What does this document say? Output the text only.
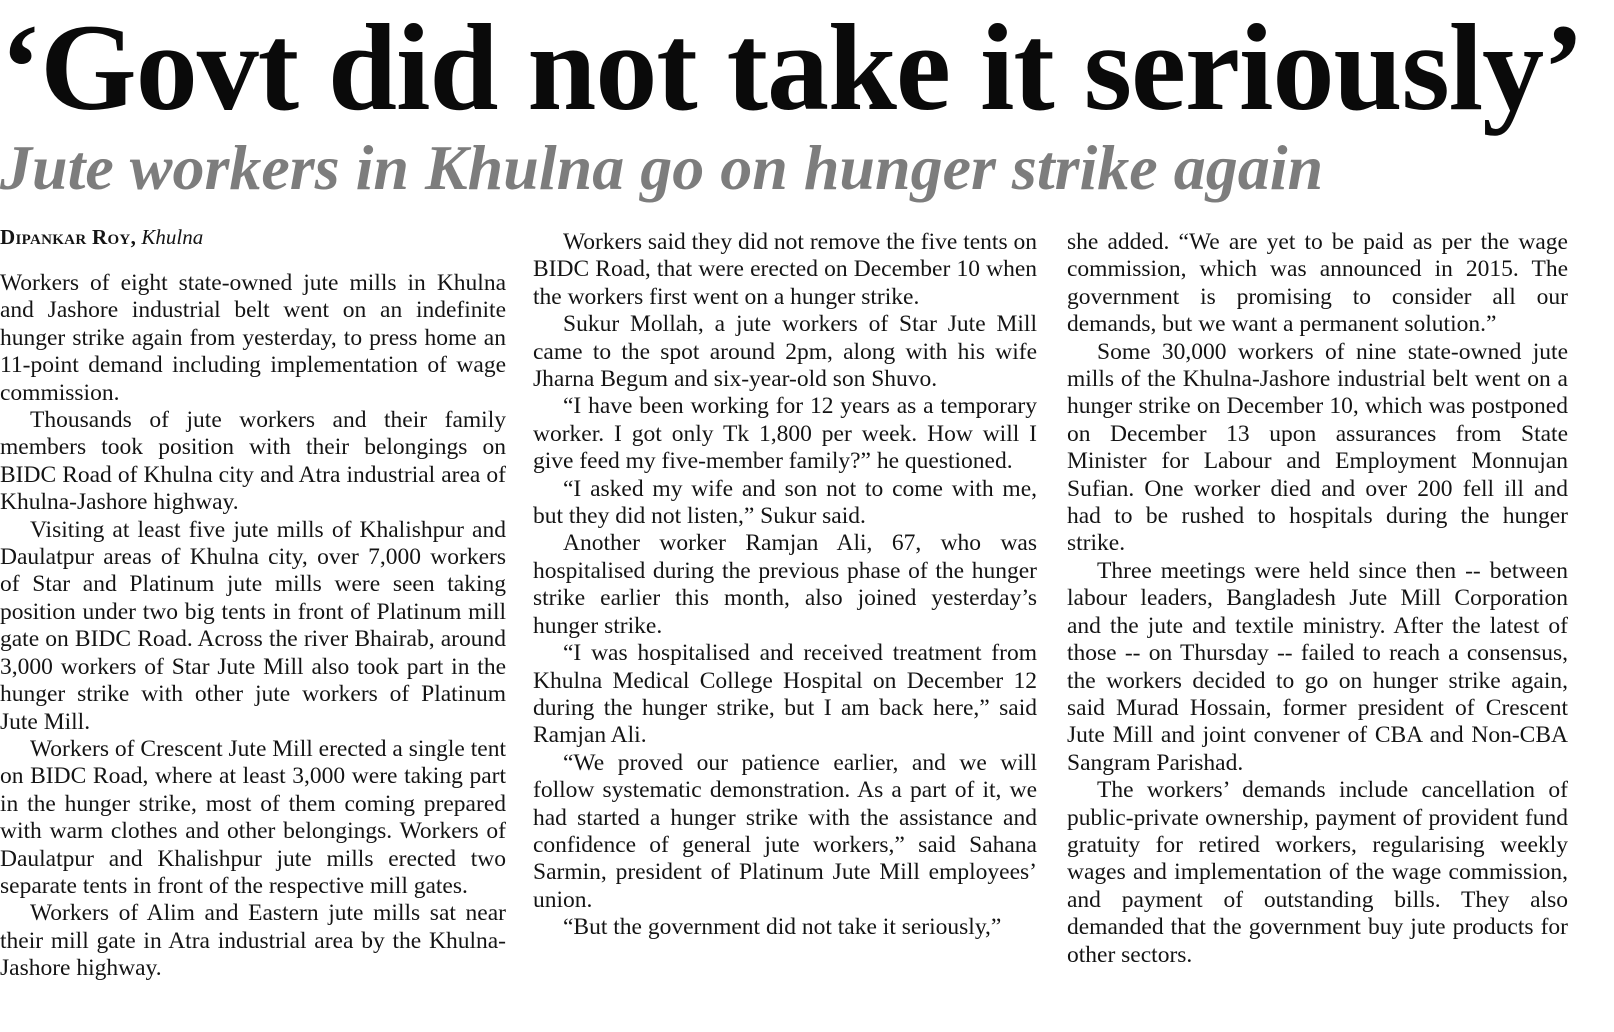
‘Govt did not take it seriously’
Jute workers in Khulna go on hunger strike again
Dipankar Roy, Khulna

Workers of eight state-owned jute mills in Khulna and Jashore industrial belt went on an indefinite hunger strike again from yesterday, to press home an 11-point demand including implementation of wage commission.

Thousands of jute workers and their family members took position with their belongings on BIDC Road of Khulna city and Atra industrial area of Khulna-Jashore highway.

Visiting at least five jute mills of Khalishpur and Daulatpur areas of Khulna city, over 7,000 workers of Star and Platinum jute mills were seen taking position under two big tents in front of Platinum mill gate on BIDC Road. Across the river Bhairab, around 3,000 workers of Star Jute Mill also took part in the hunger strike with other jute workers of Platinum Jute Mill.

Workers of Crescent Jute Mill erected a single tent on BIDC Road, where at least 3,000 were taking part in the hunger strike, most of them coming prepared with warm clothes and other belongings. Workers of Daulatpur and Khalishpur jute mills erected two separate tents in front of the respective mill gates.

Workers of Alim and Eastern jute mills sat near their mill gate in Atra industrial area by the Khulna-Jashore highway.

Workers said they did not remove the five tents on BIDC Road, that were erected on December 10 when the workers first went on a hunger strike.

Sukur Mollah, a jute workers of Star Jute Mill came to the spot around 2pm, along with his wife Jharna Begum and six-year-old son Shuvo.

“I have been working for 12 years as a temporary worker. I got only Tk 1,800 per week. How will I give feed my five-member family?” he questioned.

“I asked my wife and son not to come with me, but they did not listen,” Sukur said.

Another worker Ramjan Ali, 67, who was hospitalised during the previous phase of the hunger strike earlier this month, also joined yesterday’s hunger strike.

“I was hospitalised and received treatment from Khulna Medical College Hospital on December 12 during the hunger strike, but I am back here,” said Ramjan Ali.

“We proved our patience earlier, and we will follow systematic demonstration. As a part of it, we had started a hunger strike with the assistance and confidence of general jute workers,” said Sahana Sarmin, president of Platinum Jute Mill employees’ union.

“But the government did not take it seriously,”

she added. “We are yet to be paid as per the wage commission, which was announced in 2015. The government is promising to consider all our demands, but we want a permanent solution.”

Some 30,000 workers of nine state-owned jute mills of the Khulna-Jashore industrial belt went on a hunger strike on December 10, which was postponed on December 13 upon assurances from State Minister for Labour and Employment Monnujan Sufian. One worker died and over 200 fell ill and had to be rushed to hospitals during the hunger strike.

Three meetings were held since then -- between labour leaders, Bangladesh Jute Mill Corporation and the jute and textile ministry. After the latest of those -- on Thursday -- failed to reach a consensus, the workers decided to go on hunger strike again, said Murad Hossain, former president of Crescent Jute Mill and joint convener of CBA and Non-CBA Sangram Parishad.

The workers’ demands include cancellation of public-private ownership, payment of provident fund gratuity for retired workers, regularising weekly wages and implementation of the wage commission, and payment of outstanding bills. They also demanded that the government buy jute products for other sectors.
